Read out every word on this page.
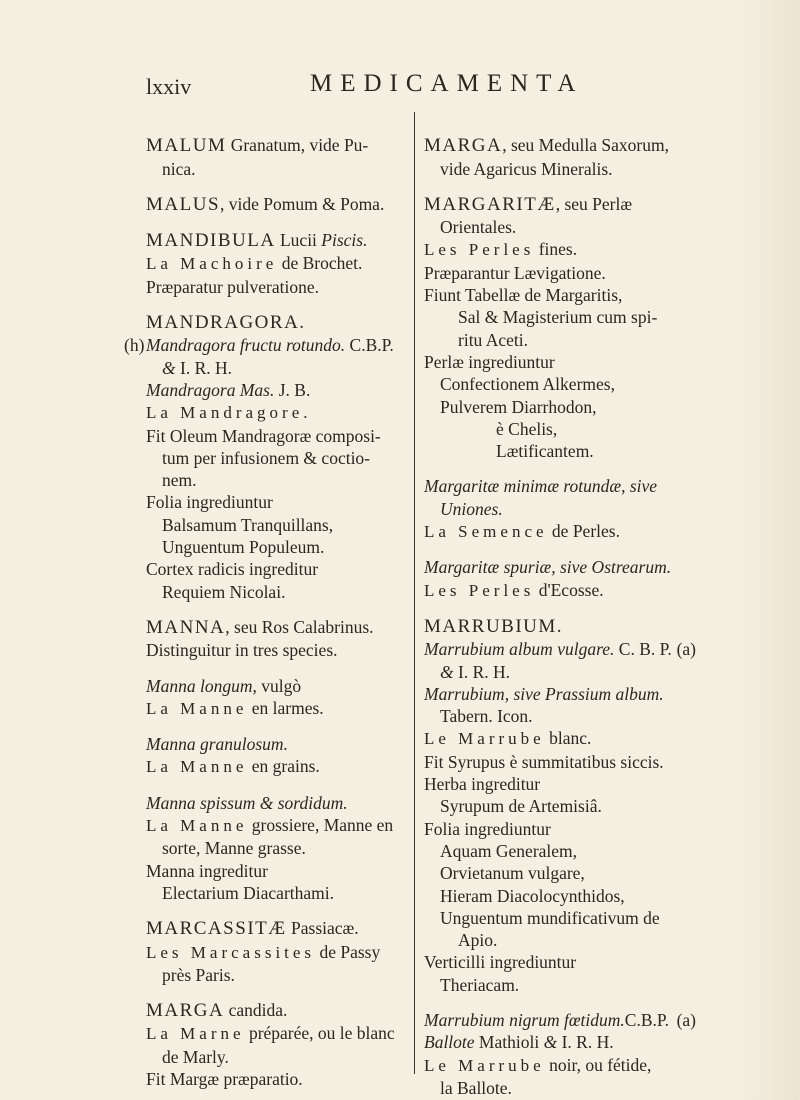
lxxiv	MEDICAMENTA

MALUM Granatum, vide Pu-
nica.
MALUS, vide Pomum & Poma.
MANDIBULA Lucii Piscis.
La Machoire de Brochet.
Præparatur pulveratione.
MANDRAGORA.
(h) Mandragora fructu rotundo. C.B.P.
& I. R. H.
Mandragora Mas. J. B.
La Mandragore.
Fit Oleum Mandragoræ composi-
tum per infusionem & coctio-
nem.
Folia ingrediuntur
Balsamum Tranquillans,
Unguentum Populeum.
Cortex radicis ingreditur
Requiem Nicolai.
MANNA, seu Ros Calabrinus.
Distinguitur in tres species.
Manna longum, vulgò
La Manne en larmes.
Manna granulosum.
La Manne en grains.
Manna spissum & sordidum.
La Manne grossiere, Manne en
sorte, Manne grasse.
Manna ingreditur
Electarium Diacarthami.
MARCASSITÆ Passiacæ.
Les Marcassites de Passy
près Paris.
MARGA candida.
La Marne préparée, ou le blanc
de Marly.
Fit Margæ præparatio.

MARGA, seu Medulla Saxorum,
vide Agaricus Mineralis.
MARGARITÆ, seu Perlæ
Orientales.
Les Perles fines.
Præparantur Lævigatione.
Fiunt Tabellæ de Margaritis,
Sal & Magisterium cum spi-
ritu Aceti.
Perlæ ingrediuntur
Confectionem Alkermes,
Pulverem Diarrhodon,
è Chelis,
Lætificantem.
Margaritæ minimæ rotundæ, sive
Uniones.
La Semence de Perles.
Margaritæ spuriæ, sive Ostrearum.
Les Perles d'Ecosse.
MARRUBIUM.
Marrubium album vulgare. C. B. P. (a)
& I. R. H.
Marrubium, sive Prassium album.
Tabern. Icon.
Le Marrube blanc.
Fit Syrupus è summitatibus siccis.
Herba ingreditur
Syrupum de Artemisiâ.
Folia ingrediuntur
Aquam Generalem,
Orvietanum vulgare,
Hieram Diacolocynthidos,
Unguentum mundificativum de
Apio.
Verticilli ingrediuntur
Theriacam.
Marrubium nigrum fœtidum.C.B.P. (a)
Ballote Mathioli & I. R. H.
Le Marrube noir, ou fétide,
la Ballote.
